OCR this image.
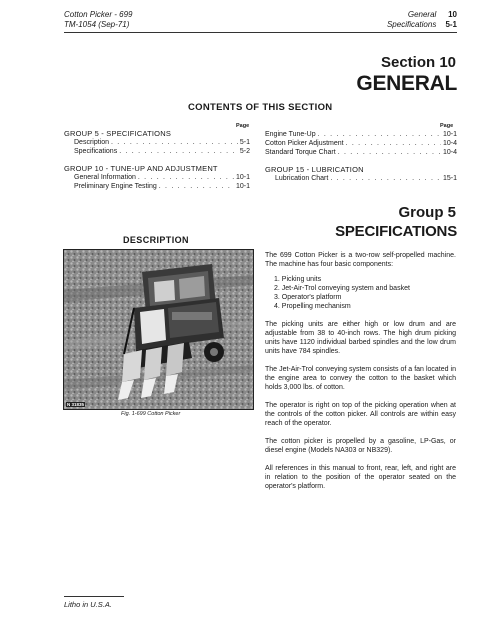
Cotton Picker - 699
TM-1054 (Sep-71)
General 10
Specifications 5-1
Section 10
GENERAL
CONTENTS OF THIS SECTION
Page	Page
GROUP 5 - SPECIFICATIONS
Description . . .	5-1
Specifications . . .	5-2
GROUP 10 - TUNE-UP AND ADJUSTMENT
General Information . . .	10-1
Preliminary Engine Testing . . .	10-1
Engine Tune-Up . . .	10-1
Cotton Picker Adjustment . . .	10-4
Standard Torque Chart . . .	10-4
GROUP 15 - LUBRICATION
Lubrication Chart . . .	15-1
Group 5
SPECIFICATIONS
DESCRIPTION
N 31835
Fig. 1-699 Cotton Picker
The 699 Cotton Picker is a two-row self-propelled machine. The machine has four basic components:
1. Picking units
2. Jet-Air-Trol conveying system and basket
3. Operator's platform
4. Propelling mechanism
The picking units are either high or low drum and are adjustable from 38 to 40-inch rows. The high drum picking units have 1120 individual barbed spindles and the low drum units have 784 spindles.
The Jet-Air-Trol conveying system consists of a fan located in the engine area to convey the cotton to the basket which holds 3,000 lbs. of cotton.
The operator is right on top of the picking operation when at the controls of the cotton picker. All controls are within easy reach of the operator.
The cotton picker is propelled by a gasoline, LP-Gas, or diesel engine (Models NA303 or NB329).
All references in this manual to front, rear, left, and right are in relation to the position of the operator seated on the operator's platform.
Litho in U.S.A.
